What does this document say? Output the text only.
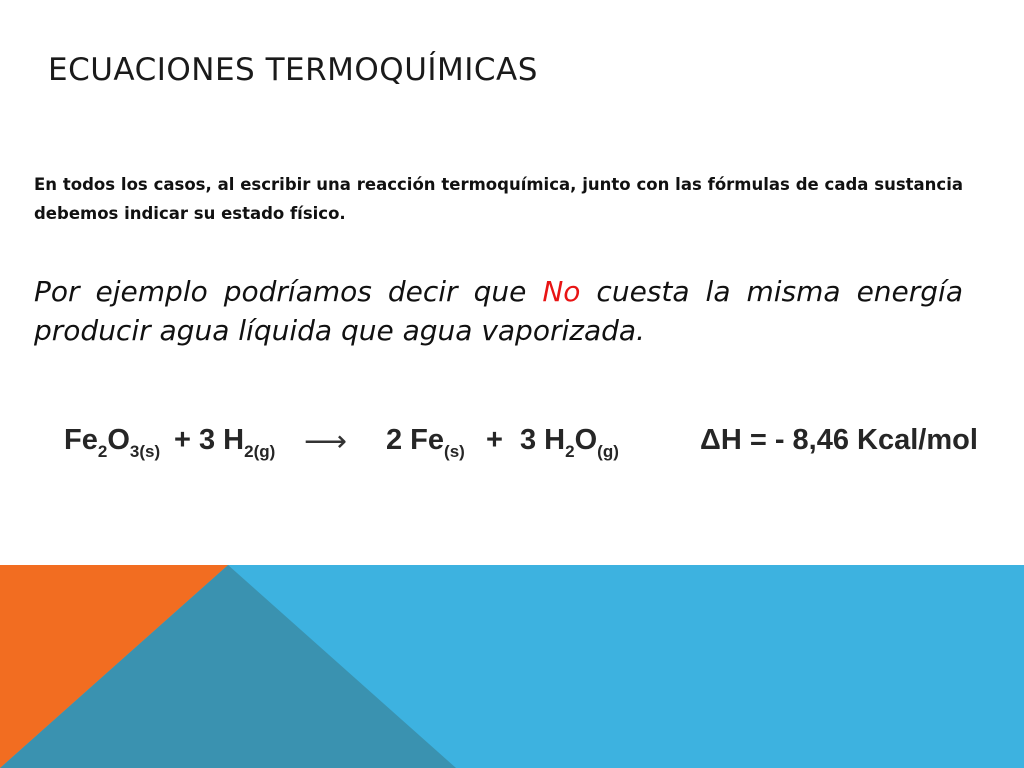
ECUACIONES TERMOQUÍMICAS
En todos los casos, al escribir una reacción termoquímica, junto con las fórmulas de cada sustancia debemos indicar su estado físico.
Por ejemplo podríamos decir que No cuesta la misma energía producir agua líquida que agua vaporizada.
$Fe_2O_{3(s)} + 3$ $H_{2(g)}$ ⟶ 2 $Fe_{(s)} + 3$ $H_2O_{(g)}$	ΔH = - 8,46 Kcal/mol
